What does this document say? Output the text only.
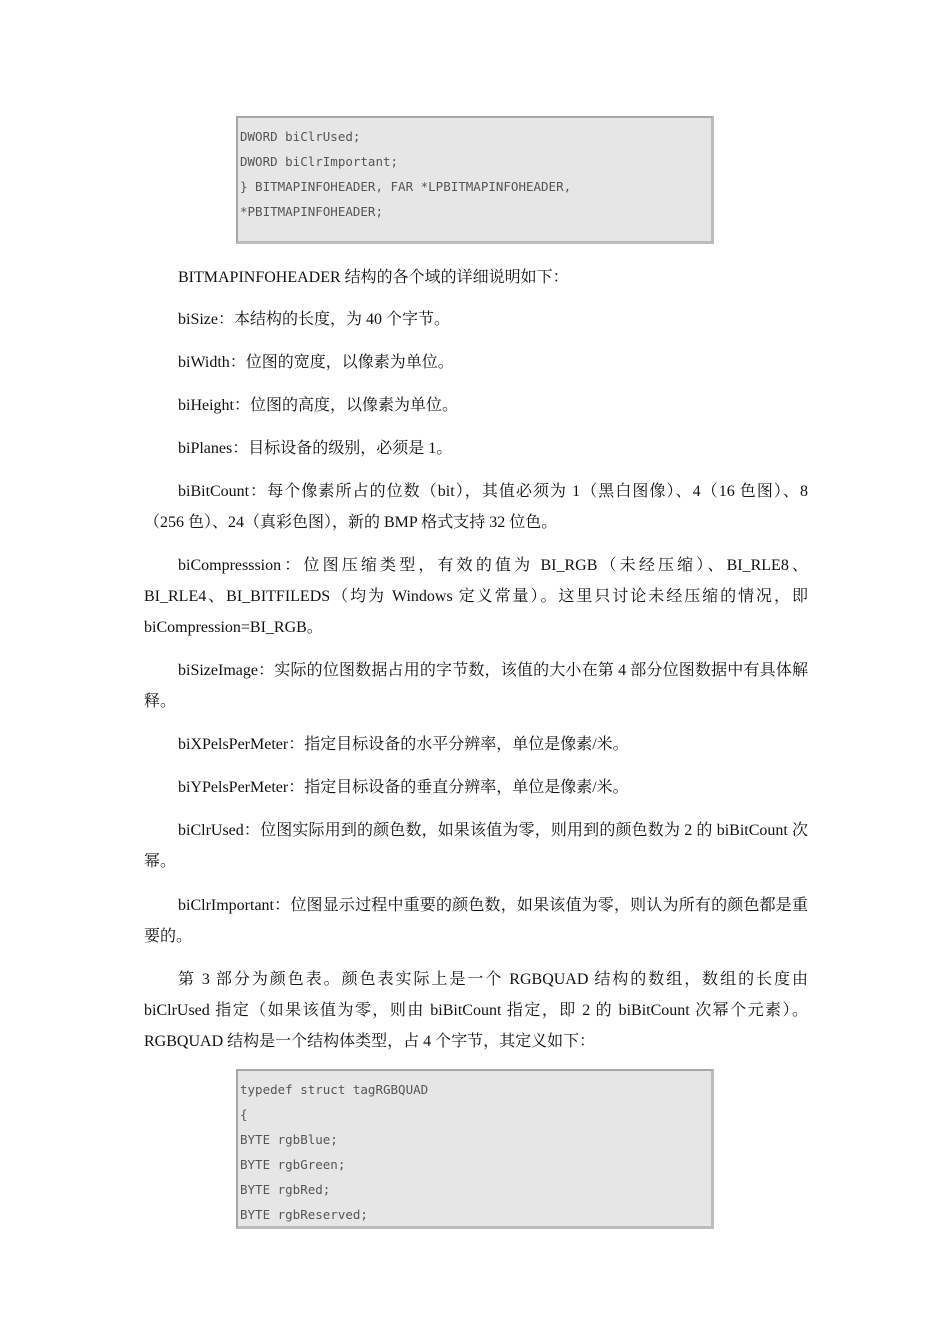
DWORD biClrUsed;
DWORD biClrImportant;
} BITMAPINFOHEADER, FAR *LPBITMAPINFOHEADER,
*PBITMAPINFOHEADER;

BITMAPINFOHEADER 结构的各个域的详细说明如下：

biSize：本结构的长度，为 40 个字节。

biWidth：位图的宽度，以像素为单位。

biHeight：位图的高度，以像素为单位。

biPlanes：目标设备的级别，必须是 1。

biBitCount：每个像素所占的位数（bit），其值必须为 1（黑白图像）、4（16 色图）、8（256 色）、24（真彩色图），新的 BMP 格式支持 32 位色。

biCompresssion：位图压缩类型，有效的值为 BI_RGB（未经压缩）、BI_RLE8、BI_RLE4、BI_BITFILEDS（均为 Windows 定义常量）。这里只讨论未经压缩的情况，即 biCompression=BI_RGB。

biSizeImage：实际的位图数据占用的字节数，该值的大小在第 4 部分位图数据中有具体解释。

biXPelsPerMeter：指定目标设备的水平分辨率，单位是像素/米。

biYPelsPerMeter：指定目标设备的垂直分辨率，单位是像素/米。

biClrUsed：位图实际用到的颜色数，如果该值为零，则用到的颜色数为 2 的 biBitCount 次幂。

biClrImportant：位图显示过程中重要的颜色数，如果该值为零，则认为所有的颜色都是重要的。

第 3 部分为颜色表。颜色表实际上是一个 RGBQUAD 结构的数组，数组的长度由 biClrUsed 指定（如果该值为零，则由 biBitCount 指定，即 2 的 biBitCount 次幂个元素）。RGBQUAD 结构是一个结构体类型，占 4 个字节，其定义如下：

typedef struct tagRGBQUAD
{
BYTE rgbBlue;
BYTE rgbGreen;
BYTE rgbRed;
BYTE rgbReserved;
